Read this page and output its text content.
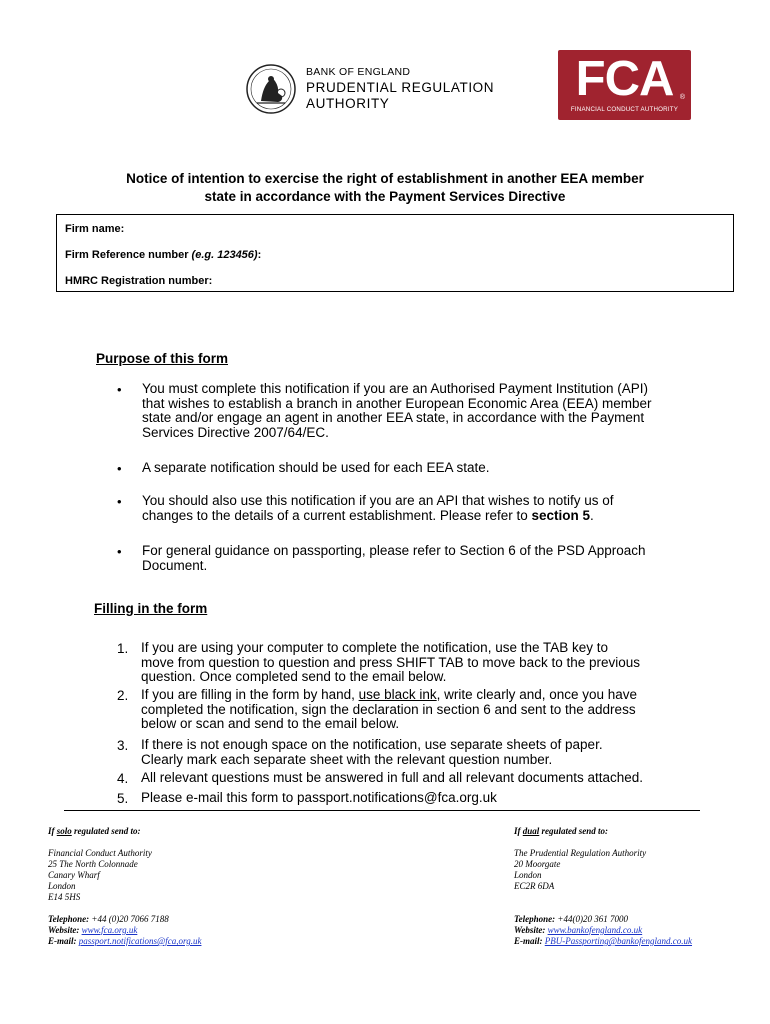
BANK OF ENGLAND
PRUDENTIAL REGULATION
AUTHORITY	FCA ®
FINANCIAL CONDUCT AUTHORITY
Notice of intention to exercise the right of establishment in another EEA member
state in accordance with the Payment Services Directive
Firm name:
Firm Reference number (e.g. 123456):
HMRC Registration number:
Purpose of this form
• You must complete this notification if you are an Authorised Payment Institution (API)
that wishes to establish a branch in another European Economic Area (EEA) member
state and/or engage an agent in another EEA state, in accordance with the Payment
Services Directive 2007/64/EC.
• A separate notification should be used for each EEA state.
• You should also use this notification if you are an API that wishes to notify us of
changes to the details of a current establishment. Please refer to section 5.
• For general guidance on passporting, please refer to Section 6 of the PSD Approach
Document.
Filling in the form
1. If you are using your computer to complete the notification, use the TAB key to
move from question to question and press SHIFT TAB to move back to the previous
question. Once completed send to the email below.
2. If you are filling in the form by hand, use black ink, write clearly and, once you have
completed the notification, sign the declaration in section 6 and sent to the address
below or scan and send to the email below.
3. If there is not enough space on the notification, use separate sheets of paper.
Clearly mark each separate sheet with the relevant question number.
4. All relevant questions must be answered in full and all relevant documents attached.
5. Please e-mail this form to passport.notifications@fca.org.uk
If solo regulated send to:
Financial Conduct Authority
25 The North Colonnade
Canary Wharf
London
E14 5HS
Telephone: +44 (0)20 7066 7188
Website: www.fca.org.uk
E-mail: passport.notifications@fca,org.uk
If dual regulated send to:
The Prudential Regulation Authority
20 Moorgate
London
EC2R 6DA
Telephone: +44(0)20 361 7000
Website: www.bankofengland.co.uk
E-mail: PBU-Passporting@bankofengland.co.uk
